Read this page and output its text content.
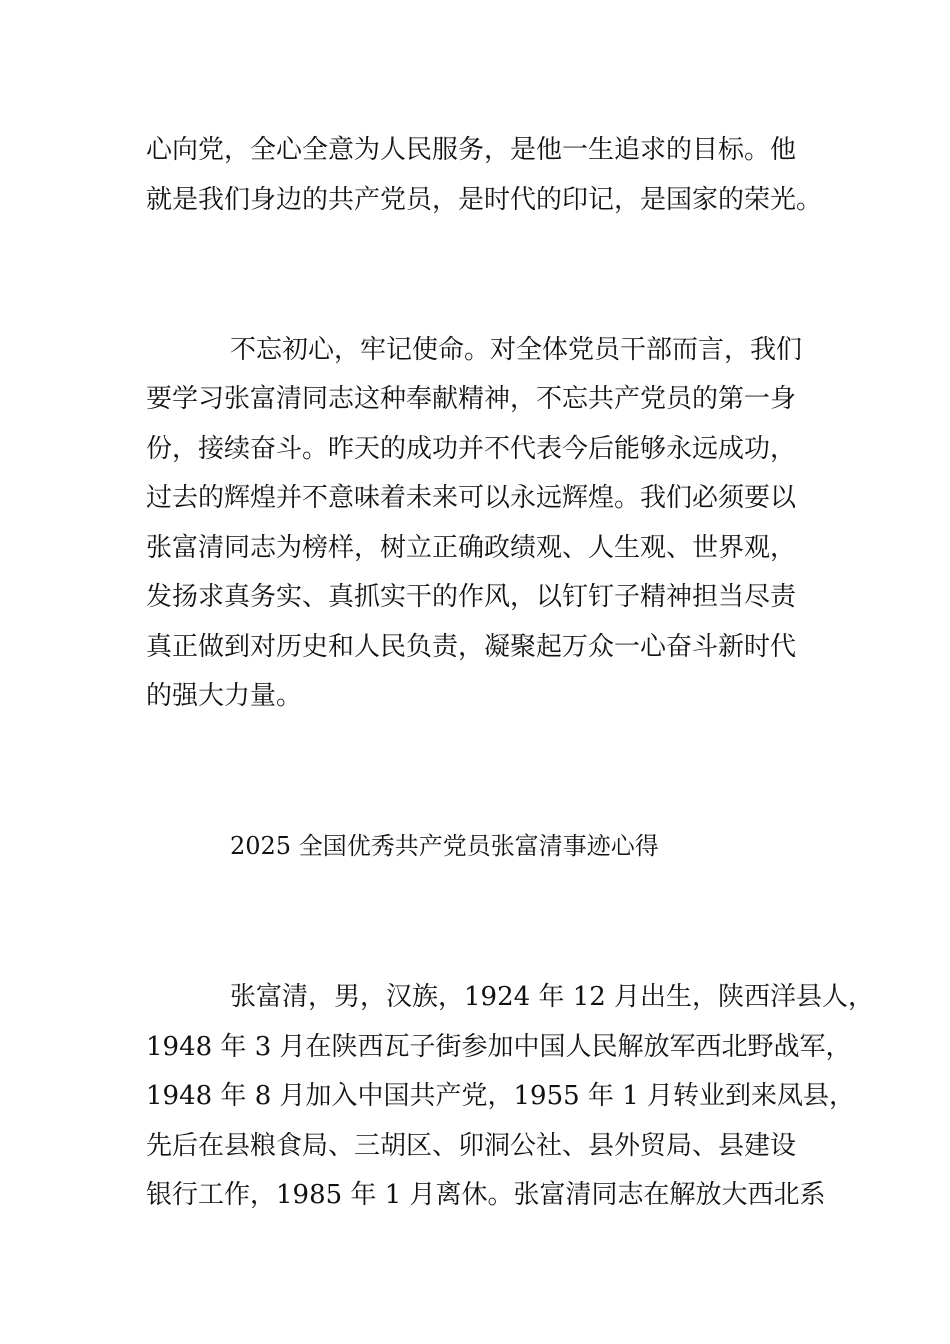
心向党，全心全意为人民服务，是他一生追求的目标。他
就是我们身边的共产党员，是时代的印记，是国家的荣光。
不忘初心，牢记使命。对全体党员干部而言，我们
要学习张富清同志这种奉献精神，不忘共产党员的第一身
份，接续奋斗。昨天的成功并不代表今后能够永远成功，
过去的辉煌并不意味着未来可以永远辉煌。我们必须要以
张富清同志为榜样，树立正确政绩观、人生观、世界观，
发扬求真务实、真抓实干的作风，以钉钉子精神担当尽责
真正做到对历史和人民负责，凝聚起万众一心奋斗新时代
的强大力量。
2025 全国优秀共产党员张富清事迹心得
张富清，男，汉族，1924 年 12 月出生，陕西洋县人，
1948 年 3 月在陕西瓦子街参加中国人民解放军西北野战军，
1948 年 8 月加入中国共产党，1955 年 1 月转业到来凤县，
先后在县粮食局、三胡区、卯洞公社、县外贸局、县建设
银行工作，1985 年 1 月离休。张富清同志在解放大西北系
